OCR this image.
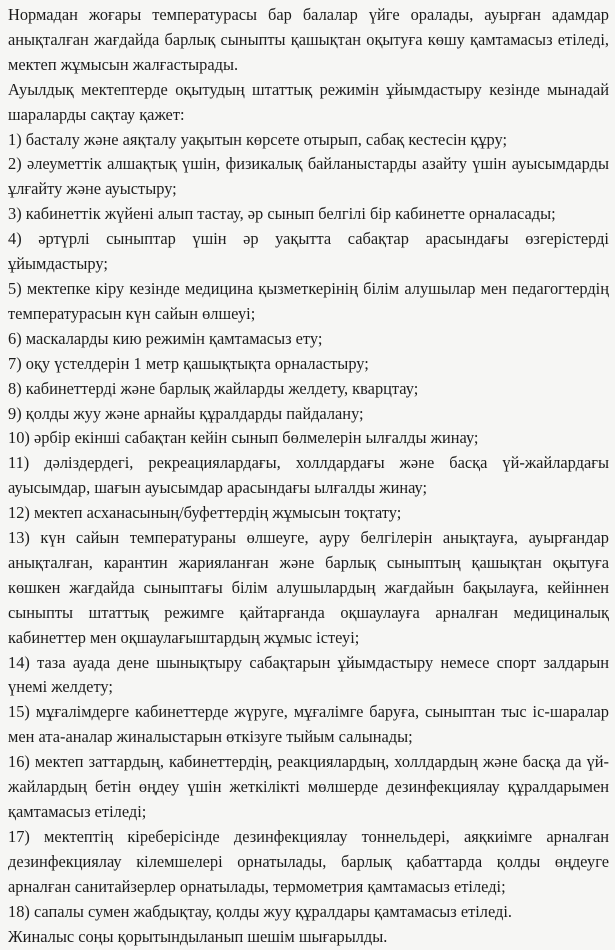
Нормадан жоғары температурасы бар балалар үйге оралады, ауырған адамдар анықталған жағдайда барлық сыныпты қашықтан оқытуға көшу қамтамасыз етіледі, мектеп жұмысын жалғастырады.

Ауылдық мектептерде оқытудың штаттық режимін ұйымдастыру кезінде мынадай шараларды сақтау қажет:

1) басталу және аяқталу уақытын көрсете отырып, сабақ кестесін құру;

2) әлеуметтік алшақтық үшін, физикалық байланыстарды азайту үшін ауысымдарды ұлғайту және ауыстыру;

3) кабинеттік жүйені алып тастау, әр сынып белгілі бір кабинетте орналасады;

4) әртүрлі сыныптар үшін әр уақытта сабақтар арасындағы өзгерістерді ұйымдастыру;

5) мектепке кіру кезінде медицина қызметкерінің білім алушылар мен педагогтердің температурасын күн сайын өлшеуі;

6) маскаларды кию режимін қамтамасыз ету;

7) оқу үстелдерін 1 метр қашықтықта орналастыру;

8) кабинеттерді және барлық жайларды желдету, кварцтау;

9) қолды жуу және арнайы құралдарды пайдалану;

10) әрбір екінші сабақтан кейін сынып бөлмелерін ылғалды жинау;

11) дәліздердегі, рекреациялардағы, холлдардағы және басқа үй-жайлардағы ауысымдар, шағын ауысымдар арасындағы ылғалды жинау;

12) мектеп асханасының/буфеттердің жұмысын тоқтату;

13) күн сайын температураны өлшеуге, ауру белгілерін анықтауға, ауырғандар анықталған, карантин жарияланған және барлық сыныптың қашықтан оқытуға көшкен жағдайда сыныптағы білім алушылардың жағдайын бақылауға, кейіннен сыныпты штаттық режимге қайтарғанда оқшаулауға арналған медициналық кабинеттер мен оқшаулағыштардың жұмыс істеуі;

14) таза ауада дене шынықтыру сабақтарын ұйымдастыру немесе спорт залдарын үнемі желдету;

15) мұғалімдерге кабинеттерде жүруге, мұғалімге баруға, сыныптан тыс іс-шаралар мен ата-аналар жиналыстарын өткізуге тыйым салынады;

16) мектеп заттардың, кабинеттердің, реакциялардың, холлдардың және басқа да үй-жайлардың бетін өңдеу үшін жеткілікті мөлшерде дезинфекциялау құралдарымен қамтамасыз етіледі;

17) мектептің кіреберісінде дезинфекциялау тоннельдері, аяқкиімге арналған дезинфекциялау кілемшелері орнатылады, барлық қабаттарда қолды өңдеуге арналған санитайзерлер орнатылады, термометрия қамтамасыз етіледі;

18) сапалы сумен жабдықтау, қолды жуу құралдары қамтамасыз етіледі.

Жиналыс соңы қорытындыланып шешім шығарылды.
